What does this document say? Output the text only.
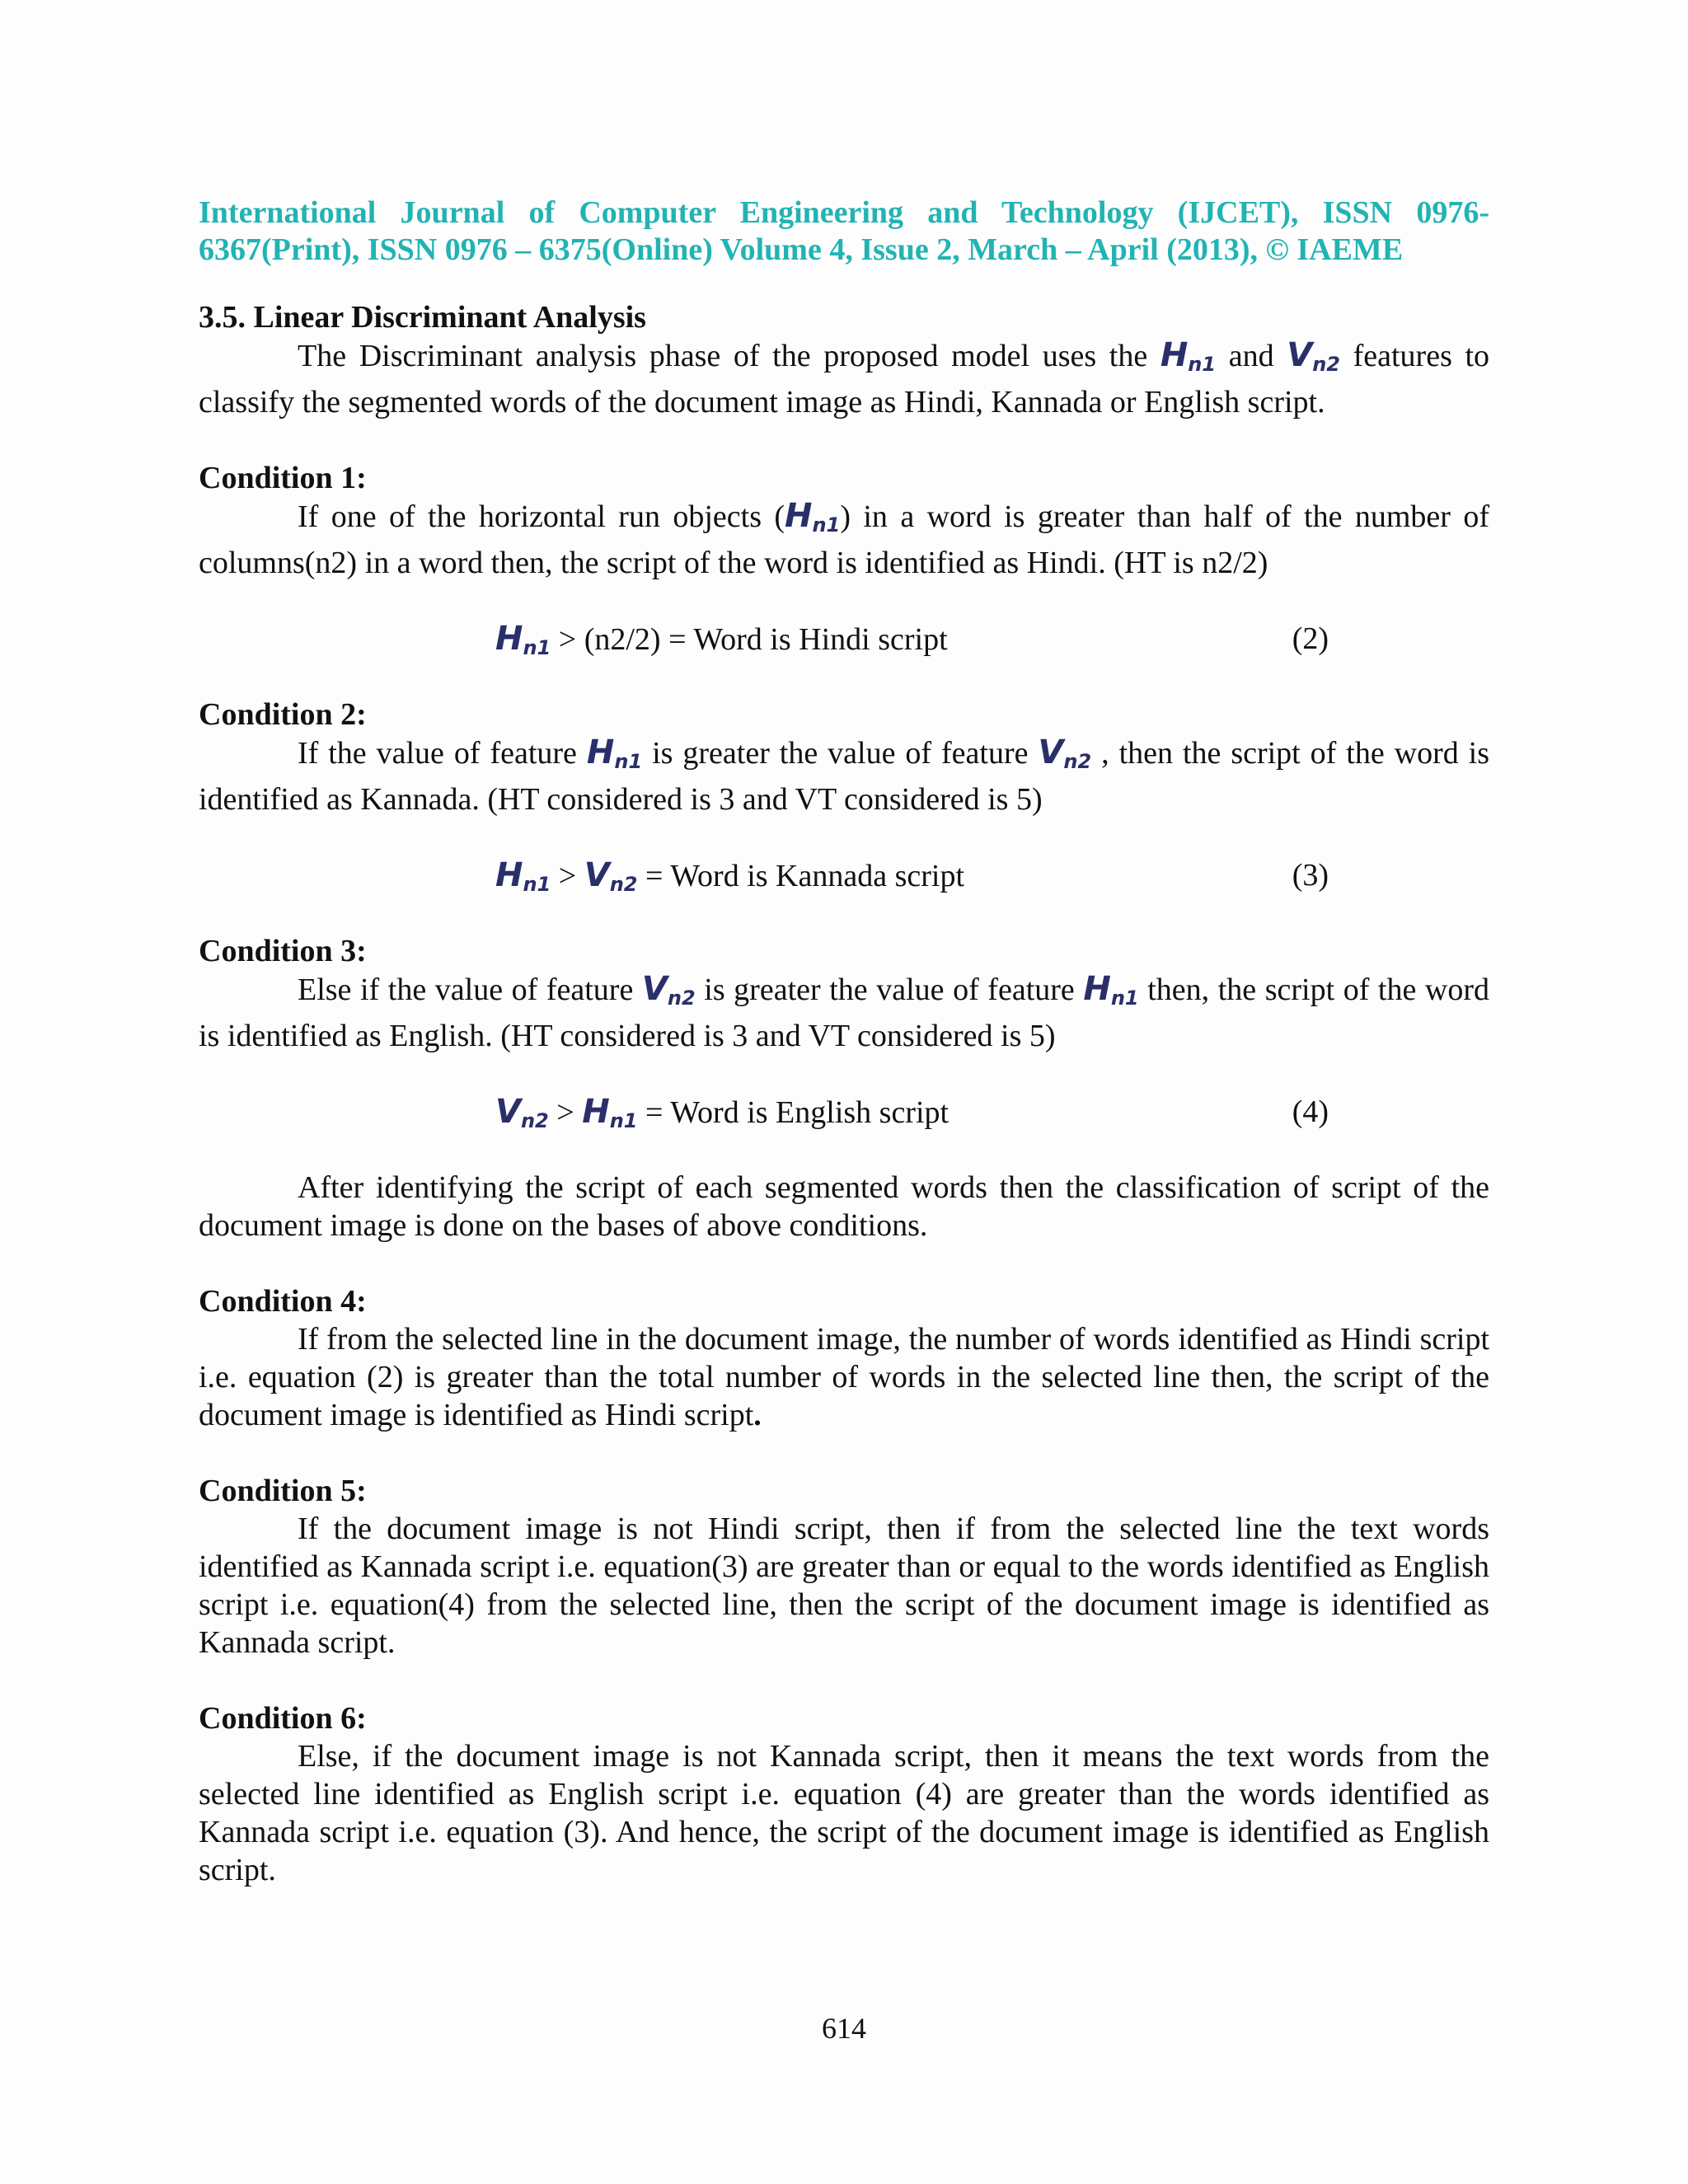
International Journal of Computer Engineering and Technology (IJCET), ISSN 0976- 6367(Print), ISSN 0976 – 6375(Online) Volume 4, Issue 2, March – April (2013), © IAEME
3.5. Linear Discriminant Analysis

The Discriminant analysis phase of the proposed model uses the $H_{n1}$ and $V_{n2}$ features to classify the segmented words of the document image as Hindi, Kannada or English script.

Condition 1:

If one of the horizontal run objects $(H_{n1})$ in a word is greater than half of the number of columns(n2) in a word then, the script of the word is identified as Hindi. (HT is n2/2)

$H_{n1} > (n2/2)$ = Word is Hindi script	(2)
Condition 2:

If the value of feature $H_{n1}$ is greater the value of feature $V_{n2}$ , then the script of the word is identified as Kannada. (HT considered is 3 and VT considered is 5)

$H_{n1} > V_{n2}$ = Word is Kannada script	(3)
Condition 3:

Else if the value of feature $V_{n2}$ is greater the value of feature $H_{n1}$ then, the script of the word is identified as English. (HT considered is 3 and VT considered is 5)

$V_{n2} > H_{n1}$ = Word is English script	(4)

After identifying the script of each segmented words then the classification of script of the document image is done on the bases of above conditions.

Condition 4:

If from the selected line in the document image, the number of words identified as Hindi script i.e. equation (2) is greater than the total number of words in the selected line then, the script of the document image is identified as Hindi script.

Condition 5:

If the document image is not Hindi script, then if from the selected line the text words identified as Kannada script i.e. equation(3) are greater than or equal to the words identified as English script i.e. equation(4) from the selected line, then the script of the document image is identified as Kannada script.

Condition 6:

Else, if the document image is not Kannada script, then it means the text words from the selected line identified as English script i.e. equation (4) are greater than the words identified as Kannada script i.e. equation (3). And hence, the script of the document image is identified as English script.

614
